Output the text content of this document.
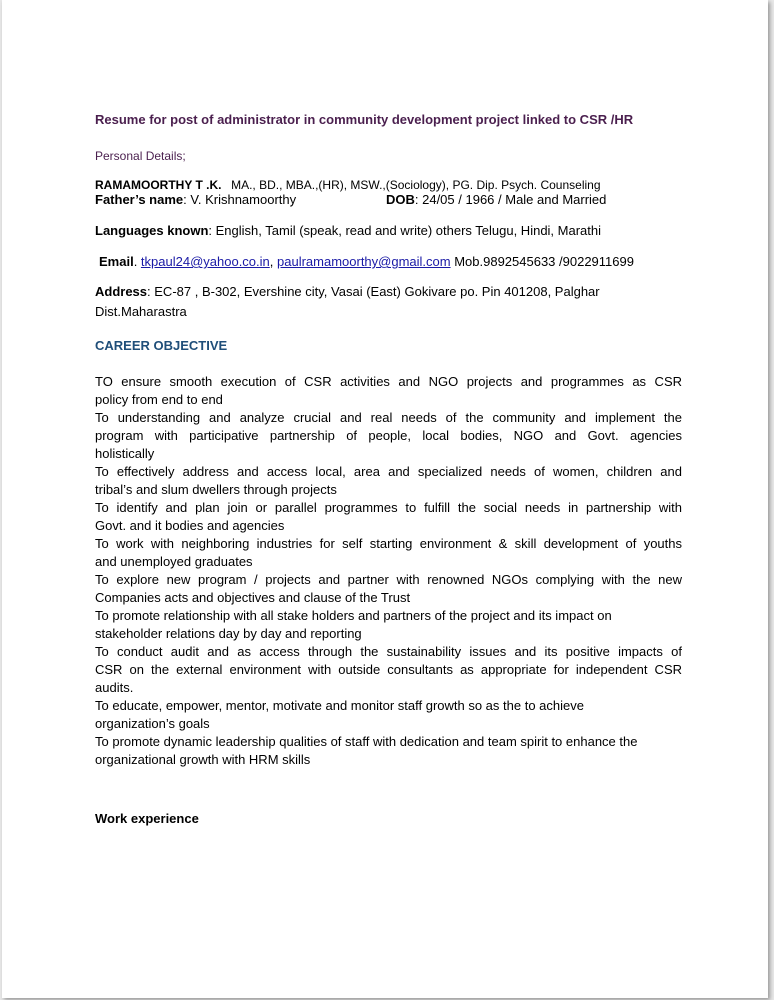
Resume for post of administrator in community development project linked to CSR /HR
Personal Details;
RAMAMOORTHY T .K. MA., BD., MBA.,(HR), MSW.,(Sociology), PG. Dip. Psych. Counseling
Father’s name: V. Krishnamoorthy	DOB: 24/05 / 1966 / Male and Married
Languages known: English, Tamil (speak, read and write) others Telugu, Hindi, Marathi
Email. tkpaul24@yahoo.co.in, paulramamoorthy@gmail.com Mob.9892545633 /9022911699
Address: EC-87 , B-302, Evershine city, Vasai (East) Gokivare po. Pin 401208, Palghar
Dist.Maharastra
CAREER OBJECTIVE
TO ensure smooth execution of CSR activities and NGO projects and programmes as CSR
policy from end to end
To understanding and analyze crucial and real needs of the community and implement the
program with participative partnership of people, local bodies, NGO and Govt. agencies
holistically
To effectively address and access local, area and specialized needs of women, children and
tribal’s and slum dwellers through projects
To identify and plan join or parallel programmes to fulfill the social needs in partnership with
Govt. and it bodies and agencies
To work with neighboring industries for self starting environment & skill development of youths
and unemployed graduates
To explore new program / projects and partner with renowned NGOs complying with the new
Companies acts and objectives and clause of the Trust
To promote relationship with all stake holders and partners of the project and its impact on
stakeholder relations day by day and reporting
To conduct audit and as access through the sustainability issues and its positive impacts of
CSR on the external environment with outside consultants as appropriate for independent CSR
audits.
To educate, empower, mentor, motivate and monitor staff growth so as the to achieve
organization’s goals
To promote dynamic leadership qualities of staff with dedication and team spirit to enhance the
organizational growth with HRM skills
Work experience
